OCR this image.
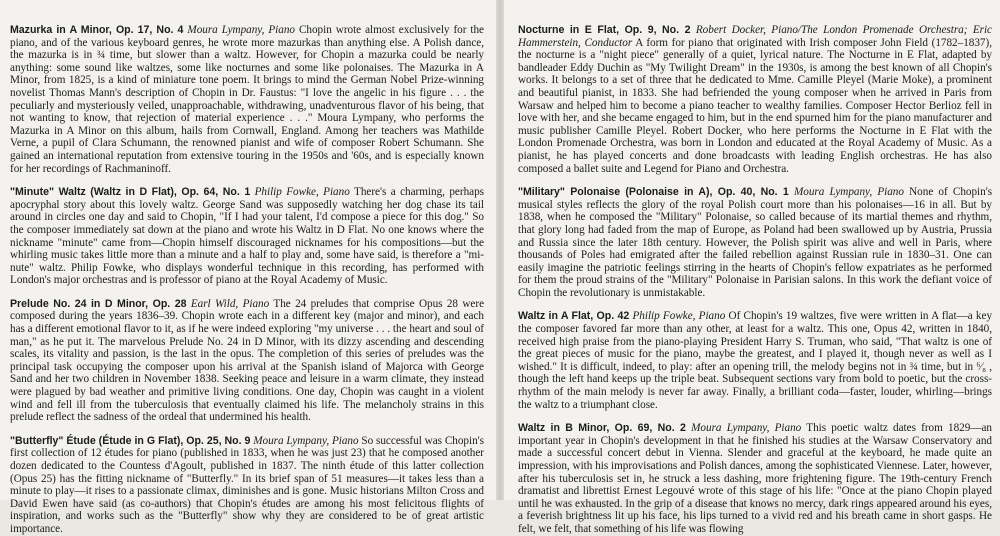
Mazurka in A Minor, Op. 17, No. 4 Moura Lympany, Piano Chopin wrote almost exclusively for the piano, and of the various keyboard genres, he wrote more mazurkas than anything else. A Polish dance, the mazurka is in ¾ time, but slower than a waltz. However, for Chopin a mazurka could be nearly anything: some sound like waltzes, some like nocturnes and some like polonaises. The Mazurka in A Minor, from 1825, is a kind of miniature tone poem. It brings to mind the German Nobel Prize-winning novelist Thomas Mann's description of Chopin in Dr. Faustus: "I love the angelic in his figure . . . the peculiarly and mysteriously veiled, unapproachable, withdrawing, unadventurous flavor of his being, that not wanting to know, that rejection of material experience . . ." Moura Lympany, who performs the Mazurka in A Minor on this album, hails from Cornwall, England. Among her teachers was Mathilde Verne, a pupil of Clara Schumann, the renowned pianist and wife of composer Robert Schumann. She gained an international reputation from extensive touring in the 1950s and '60s, and is especially known for her recordings of Rachmaninoff.

"Minute" Waltz (Waltz in D Flat), Op. 64, No. 1 Philip Fowke, Piano There's a charming, perhaps apocryphal story about this lovely waltz. George Sand was supposedly watching her dog chase its tail around in circles one day and said to Chopin, "If I had your talent, I'd compose a piece for this dog." So the composer immediately sat down at the piano and wrote his Waltz in D Flat. No one knows where the nickname "minute" came from—Chopin himself discouraged nicknames for his compositions—but the whirling music takes little more than a minute and a half to play and, some have said, is therefore a "mi-nute" waltz. Philip Fowke, who displays wonderful technique in this recording, has performed with London's major orchestras and is professor of piano at the Royal Academy of Music.

Prelude No. 24 in D Minor, Op. 28 Earl Wild, Piano The 24 preludes that comprise Opus 28 were composed during the years 1836–39. Chopin wrote each in a different key (major and minor), and each has a different emotional flavor to it, as if he were indeed exploring "my universe . . . the heart and soul of man," as he put it. The marvelous Prelude No. 24 in D Minor, with its dizzy ascending and descending scales, its vitality and passion, is the last in the opus. The completion of this series of preludes was the principal task occupying the composer upon his arrival at the Spanish island of Majorca with George Sand and her two children in November 1838. Seeking peace and leisure in a warm climate, they instead were plagued by bad weather and primitive living conditions. One day, Chopin was caught in a violent wind and fell ill from the tuberculosis that eventually claimed his life. The melancholy strains in this prelude reflect the sadness of the ordeal that undermined his health.

"Butterfly" Étude (Étude in G Flat), Op. 25, No. 9 Moura Lympany, Piano So successful was Chopin's first collection of 12 études for piano (published in 1833, when he was just 23) that he composed another dozen dedicated to the Countess d'Agoult, published in 1837. The ninth étude of this latter collection (Opus 25) has the fitting nickname of "Butterfly." In its brief span of 51 measures—it takes less than a minute to play—it rises to a passionate climax, diminishes and is gone. Music historians Milton Cross and David Ewen have said (as co-authors) that Chopin's études are among his most felicitous flights of inspiration, and works such as the "Butterfly" show why they are considered to be of great artistic importance.

Nocturne in E Flat, Op. 9, No. 2 Robert Docker, Piano/The London Promenade Orchestra; Eric Hammerstein, Conductor A form for piano that originated with Irish composer John Field (1782–1837), the nocturne is a "night piece" generally of a quiet, lyrical nature. The Nocturne in E Flat, adapted by bandleader Eddy Duchin as "My Twilight Dream" in the 1930s, is among the best known of all Chopin's works. It belongs to a set of three that he dedicated to Mme. Camille Pleyel (Marie Moke), a prominent and beautiful pianist, in 1833. She had befriended the young composer when he arrived in Paris from Warsaw and helped him to become a piano teacher to wealthy families. Composer Hector Berlioz fell in love with her, and she became engaged to him, but in the end spurned him for the piano manufacturer and music publisher Camille Pleyel. Robert Docker, who here performs the Nocturne in E Flat with the London Promenade Orchestra, was born in London and educated at the Royal Academy of Music. As a pianist, he has played concerts and done broadcasts with leading English orchestras. He has also composed a ballet suite and Legend for Piano and Orchestra.

"Military" Polonaise (Polonaise in A), Op. 40, No. 1 Moura Lympany, Piano None of Chopin's musical styles reflects the glory of the royal Polish court more than his polonaises—16 in all. But by 1838, when he composed the "Military" Polonaise, so called because of its martial themes and rhythm, that glory long had faded from the map of Europe, as Poland had been swallowed up by Austria, Prussia and Russia since the later 18th century. However, the Polish spirit was alive and well in Paris, where thousands of Poles had emigrated after the failed rebellion against Russian rule in 1830–31. One can easily imagine the patriotic feelings stirring in the hearts of Chopin's fellow expatriates as he performed for them the proud strains of the "Military" Polonaise in Parisian salons. In this work the defiant voice of Chopin the revolutionary is unmistakable.

Waltz in A Flat, Op. 42 Philip Fowke, Piano Of Chopin's 19 waltzes, five were written in A flat—a key the composer favored far more than any other, at least for a waltz. This one, Opus 42, written in 1840, received high praise from the piano-playing President Harry S. Truman, who said, "That waltz is one of the great pieces of music for the piano, maybe the greatest, and I played it, though never as well as I wished." It is difficult, indeed, to play: after an opening trill, the melody begins not in ¾ time, but in ⁶⁄₈ , though the left hand keeps up the triple beat. Subsequent sections vary from bold to poetic, but the cross-rhythm of the main melody is never far away. Finally, a brilliant coda—faster, louder, whirling—brings the waltz to a triumphant close.

Waltz in B Minor, Op. 69, No. 2 Moura Lympany, Piano This poetic waltz dates from 1829—an important year in Chopin's development in that he finished his studies at the Warsaw Conservatory and made a successful concert debut in Vienna. Slender and graceful at the keyboard, he made quite an impression, with his improvisations and Polish dances, among the sophisticated Viennese. Later, however, after his tuberculosis set in, he struck a less dashing, more frightening figure. The 19th-century French dramatist and librettist Ernest Legouvé wrote of this stage of his life: "Once at the piano Chopin played until he was exhausted. In the grip of a disease that knows no mercy, dark rings appeared around his eyes, a feverish brightness lit up his face, his lips turned to a vivid red and his breath came in short gasps. He felt, we felt, that something of his life was flowing
